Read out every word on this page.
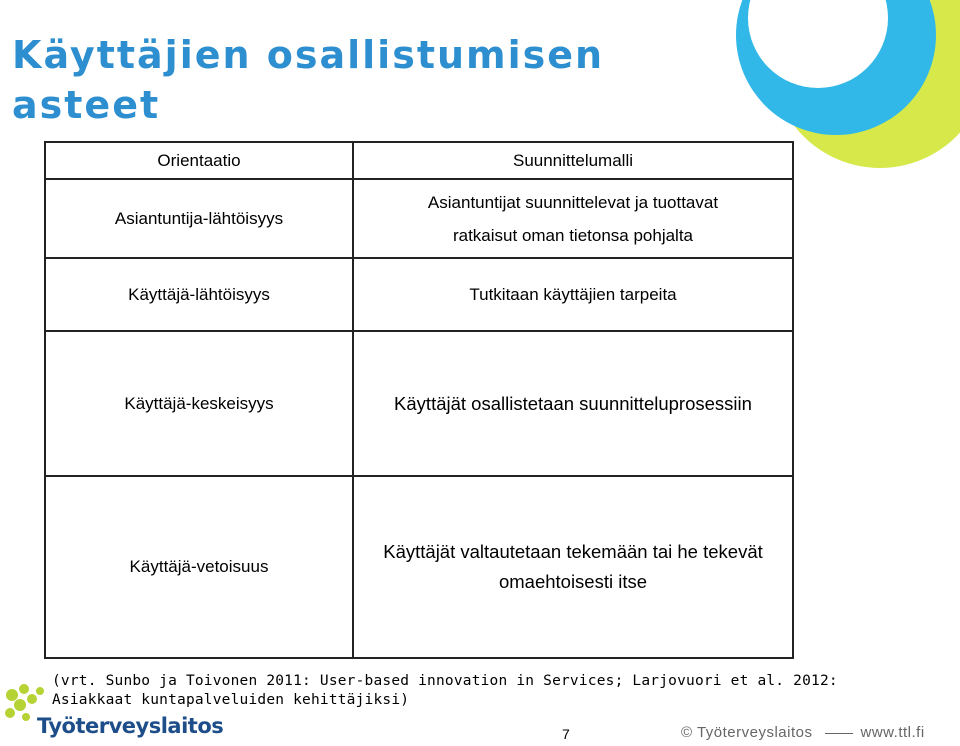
Käyttäjien osallistumisen asteet
Orientaatio	Suunnittelumalli
Asiantuntija-lähtöisyys	Asiantuntijat suunnittelevat ja tuottavat
ratkaisut oman tietonsa pohjalta

Käyttäjä-lähtöisyys	Tutkitaan käyttäjien tarpeita
Käyttäjä-keskeisyys	Käyttäjät osallistetaan suunnitteluprosessiin
Käyttäjä-vetoisuus	Käyttäjät valtautetaan tekemään tai he tekevät
omaehtoisesti itse
(vrt. Sunbo ja Toivonen 2011: User-based innovation in Services; Larjovuori et al. 2012:
Asiakkaat kuntapalveluiden kehittäjiksi)
Työterveyslaitos	7	© Työterveyslaitos	www.ttl.fi
